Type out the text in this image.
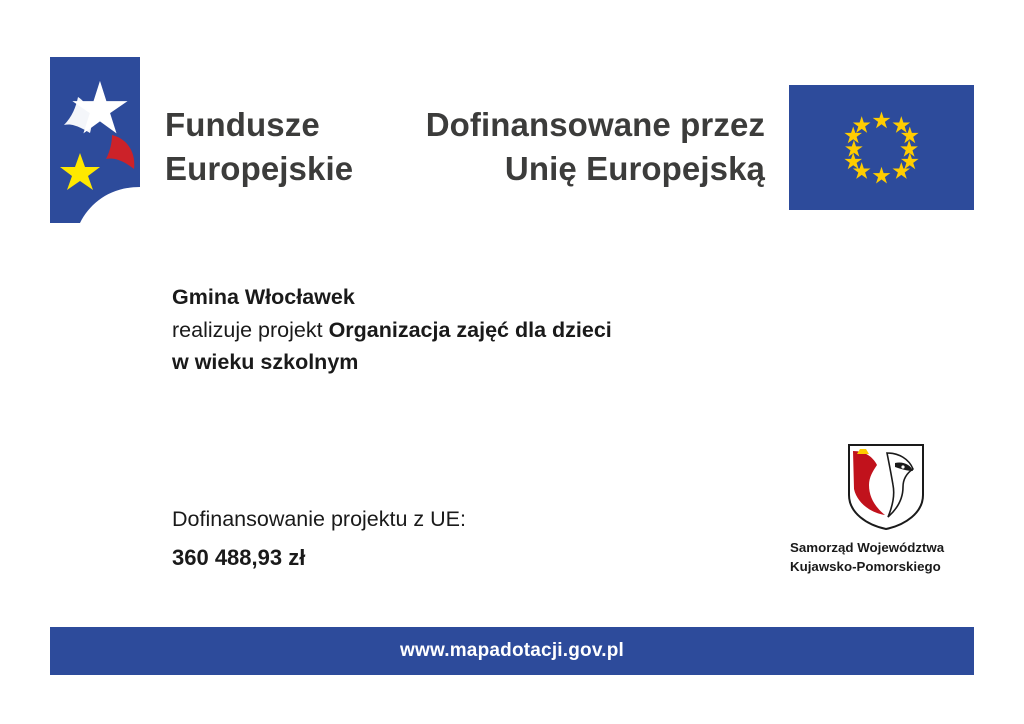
Fundusze
Europejskie
Dofinansowane przez
Unię Europejską
Gmina Włocławek
realizuje projekt Organizacja zajęć dla dzieci
w wieku szkolnym
Dofinansowanie projektu z UE:
360 488,93 zł	Samorząd Województwa
Kujawsko-Pomorskiego
www.mapadotacji.gov.pl
